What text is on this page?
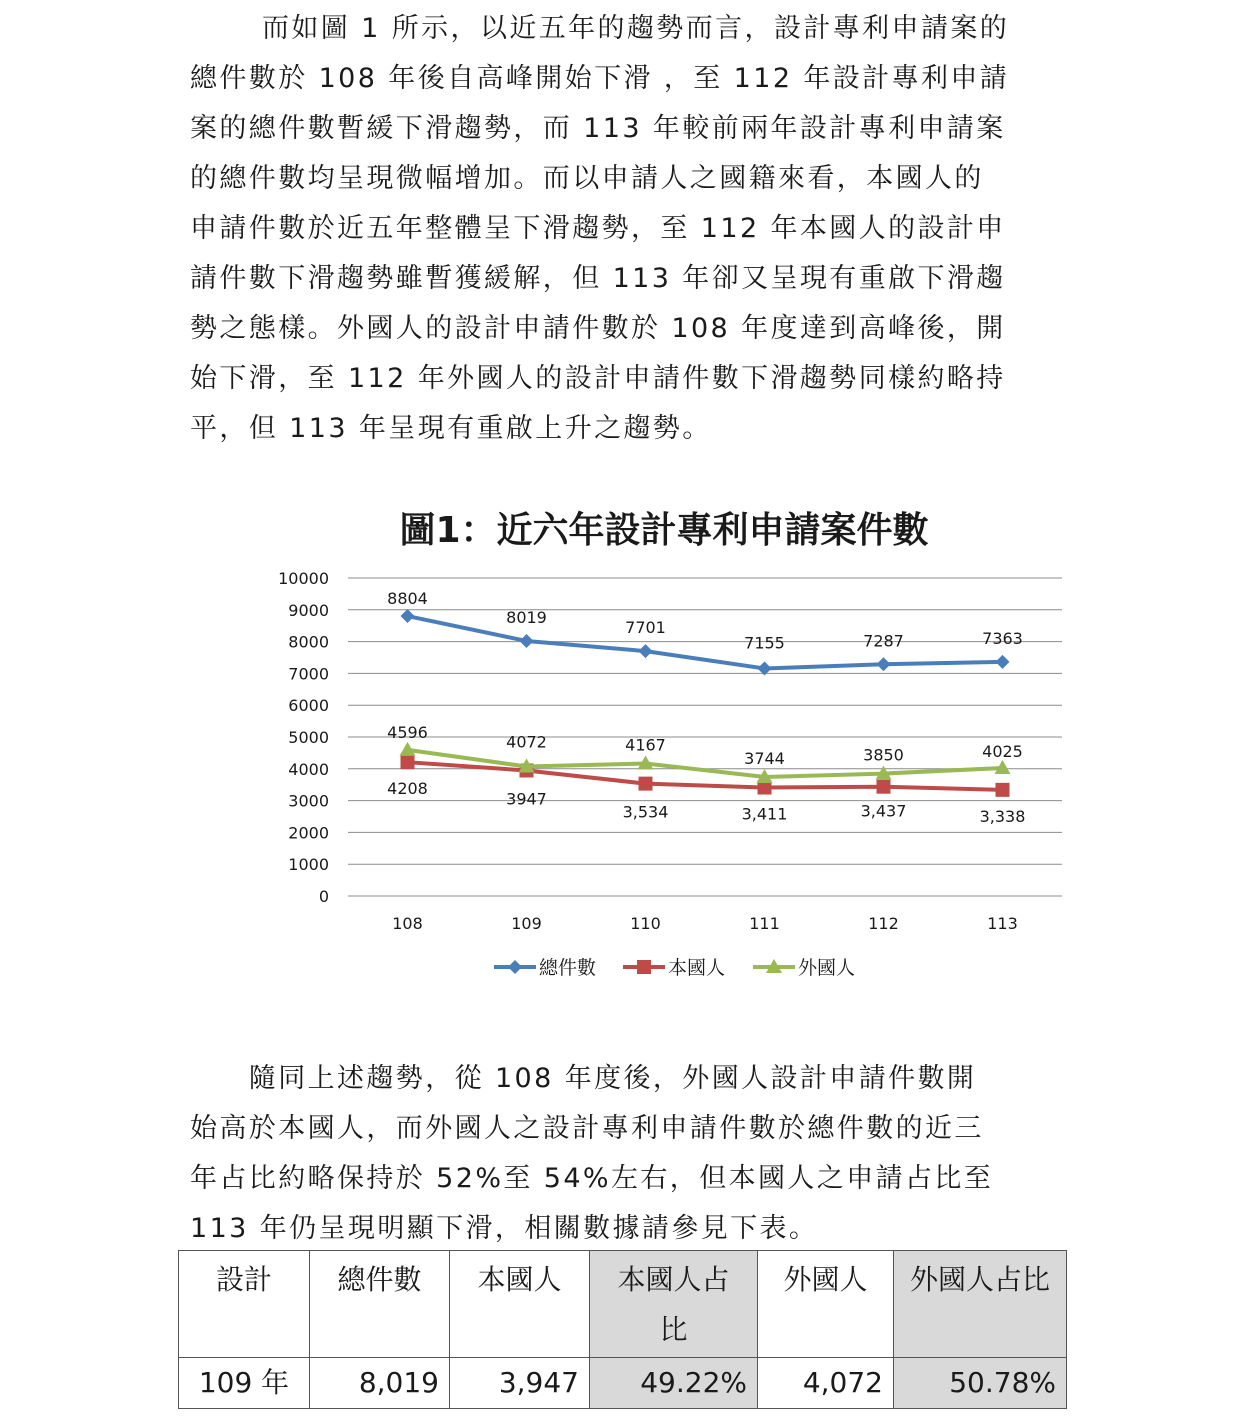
而如圖 1 所示，以近五年的趨勢而言，設計專利申請案的
總件數於 108 年後自高峰開始下滑 ，至 112 年設計專利申請
案的總件數暫緩下滑趨勢，而 113 年較前兩年設計專利申請案
的總件數均呈現微幅增加。而以申請人之國籍來看，本國人的
申請件數於近五年整體呈下滑趨勢，至 112 年本國人的設計申
請件數下滑趨勢雖暫獲緩解，但 113 年卻又呈現有重啟下滑趨
勢之態樣。外國人的設計申請件數於 108 年度達到高峰後，開
始下滑，至 112 年外國人的設計申請件數下滑趨勢同樣約略持
平，但 113 年呈現有重啟上升之趨勢。

圖1：近六年設計專利申請案件數
0
1000
2000
3000
4000
5000
6000
7000
8000
9000
10000
108	109	110	111	112	113
8804
8019
7701
7155	7287	7363
4208
3947
3,534	3,411	3,437	3,338
4596
4072	4167
3744	3850	4025
總件數	本國人	外國人

　　隨同上述趨勢，從 108 年度後，外國人設計申請件數開
始高於本國人，而外國人之設計專利申請件數於總件數的近三
年占比約略保持於 52%至 54%左右，但本國人之申請占比至
113 年仍呈現明顯下滑，相關數據請參見下表。

設計	總件數	本國人	本國人占比	外國人	外國人占比
109 年	8,019	3,947	49.22%	4,072	50.78%
